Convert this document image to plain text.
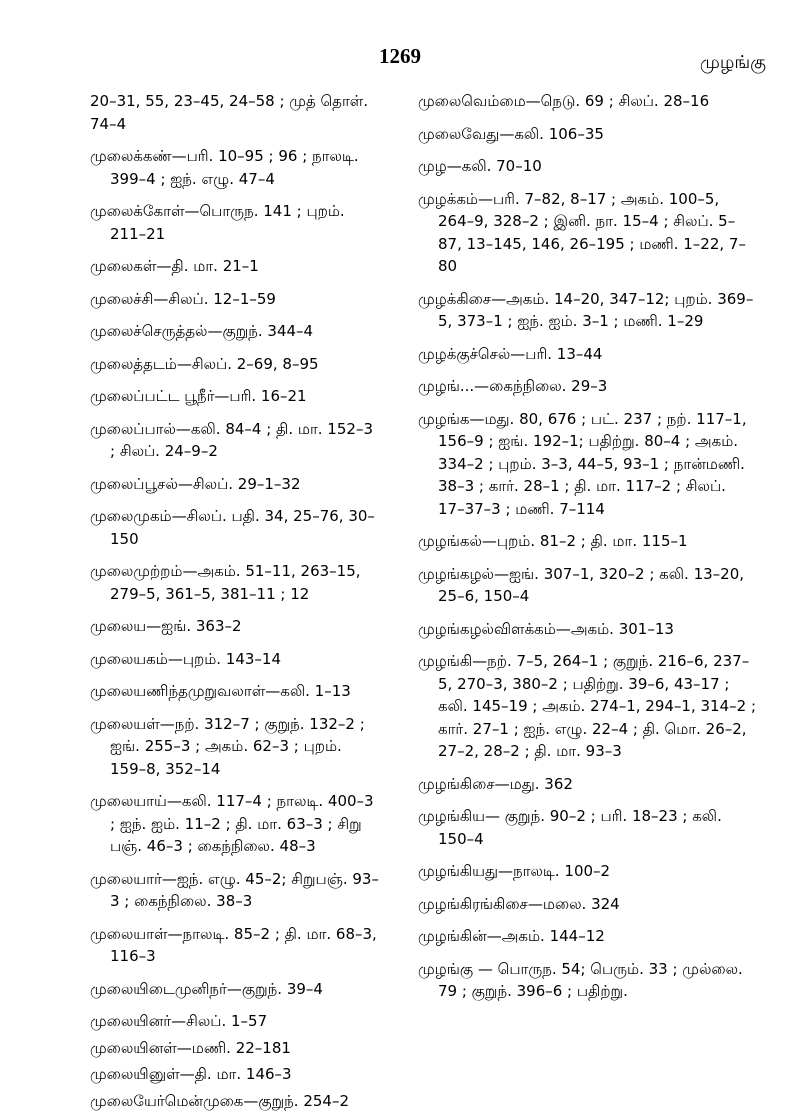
1269	முழங்கு
20–31, 55, 23–45, 24–58 ; முத் தொள். 74–4
முலைக்கண்—பரி. 10–95 ; 96 ; நாலடி. 399–4 ; ஐந். எழு. 47–4
முலைக்கோள்—பொருந. 141 ; புறம். 211–21
முலைகள்—தி. மா. 21–1
முலைச்சி—சிலப். 12–1–59
முலைச்செருத்தல்—குறுந். 344–4
முலைத்தடம்—சிலப். 2–69, 8–95
முலைப்பட்ட பூநீர்—பரி. 16–21
முலைப்பால்—கலி. 84–4 ; தி. மா. 152–3 ; சிலப். 24–9–2
முலைப்பூசல்—சிலப். 29–1–32
முலைமுகம்—சிலப். பதி. 34, 25–76, 30–150
முலைமுற்றம்—அகம். 51–11, 263–15, 279–5, 361–5, 381–11 ; 12
முலைய—ஐங். 363–2
முலையகம்—புறம். 143–14
முலையணிந்தமுறுவலாள்—கலி. 1–13
முலையள்—நற். 312–7 ; குறுந். 132–2 ; ஐங். 255–3 ; அகம். 62–3 ; புறம். 159–8, 352–14
முலையாய்—கலி. 117–4 ; நாலடி. 400–3 ; ஐந். ஐம். 11–2 ; தி. மா. 63–3 ; சிறு பஞ். 46–3 ; கைந்நிலை. 48–3
முலையார்—ஐந். எழு. 45–2; சிறுபஞ். 93–3 ; கைந்நிலை. 38–3
முலையாள்—நாலடி. 85–2 ; தி. மா. 68–3, 116–3
முலையிடைமுனிநர்—குறுந். 39–4
முலையினர்—சிலப். 1–57
முலையினள்—மணி. 22–181
முலையினுள்—தி. மா. 146–3
முலையேர்மென்முகை—குறுந். 254–2
முலைவெம்மை—நெடு. 69 ; சிலப். 28–16
முலைவேது—கலி. 106–35
முழ—கலி. 70–10
முழக்கம்—பரி. 7–82, 8–17 ; அகம். 100–5, 264–9, 328–2 ; இனி. நா. 15–4 ; சிலப். 5–87, 13–145, 146, 26–195 ; மணி. 1–22, 7–80
முழக்கிசை—அகம். 14–20, 347–12; புறம். 369–5, 373–1 ; ஐந். ஐம். 3–1 ; மணி. 1–29
முழக்குச்செல்—பரி. 13–44
முழங்...—கைந்நிலை. 29–3
முழங்க—மது. 80, 676 ; பட். 237 ; நற். 117–1, 156–9 ; ஐங். 192–1; பதிற்று. 80–4 ; அகம். 334–2 ; புறம். 3–3, 44–5, 93–1 ; நான்மணி. 38–3 ; கார். 28–1 ; தி. மா. 117–2 ; சிலப். 17–37–3 ; மணி. 7–114
முழங்கல்—புறம். 81–2 ; தி. மா. 115–1
முழங்கழல்—ஐங். 307–1, 320–2 ; கலி. 13–20, 25–6, 150–4
முழங்கழல்விளக்கம்—அகம். 301–13
முழங்கி—நற். 7–5, 264–1 ; குறுந். 216–6, 237–5, 270–3, 380–2 ; பதிற்று. 39–6, 43–17 ; கலி. 145–19 ; அகம். 274–1, 294–1, 314–2 ; கார். 27–1 ; ஐந். எழு. 22–4 ; தி. மொ. 26–2, 27–2, 28–2 ; தி. மா. 93–3
முழங்கிசை—மது. 362
முழங்கிய— குறுந். 90–2 ; பரி. 18–23 ; கலி. 150–4
முழங்கியது—நாலடி. 100–2
முழங்கிரங்கிசை—மலை. 324
முழங்கின்—அகம். 144–12
முழங்கு — பொருந. 54; பெரும். 33 ; முல்லை. 79 ; குறுந். 396–6 ; பதிற்று.
